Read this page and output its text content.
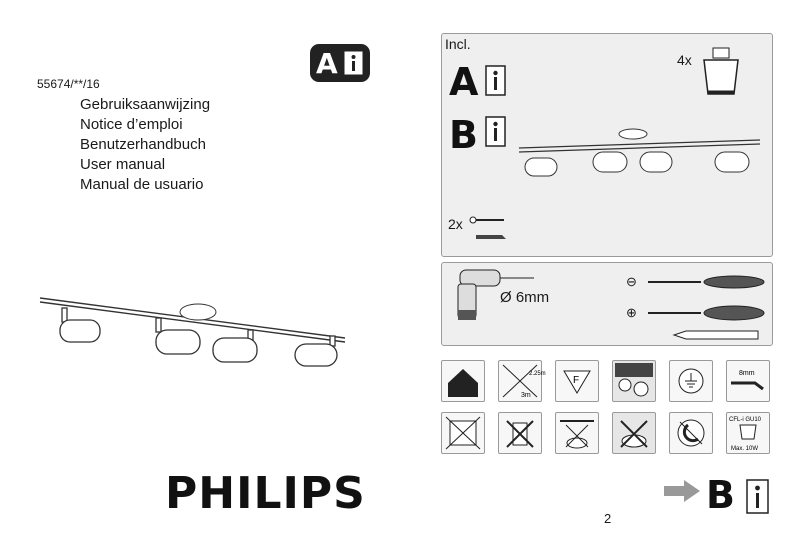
55674/**/16
Gebruiksaanwijzing
Notice d’emploi
Benutzerhandbuch
User manual
Manual de usuario
A
PHILIPS
Incl.
A
B
4x
2x
Ø 6mm
⊖
⊕
3m
2.25m
F
8mm
CFL-i GU10
Max. 10W
2
B
